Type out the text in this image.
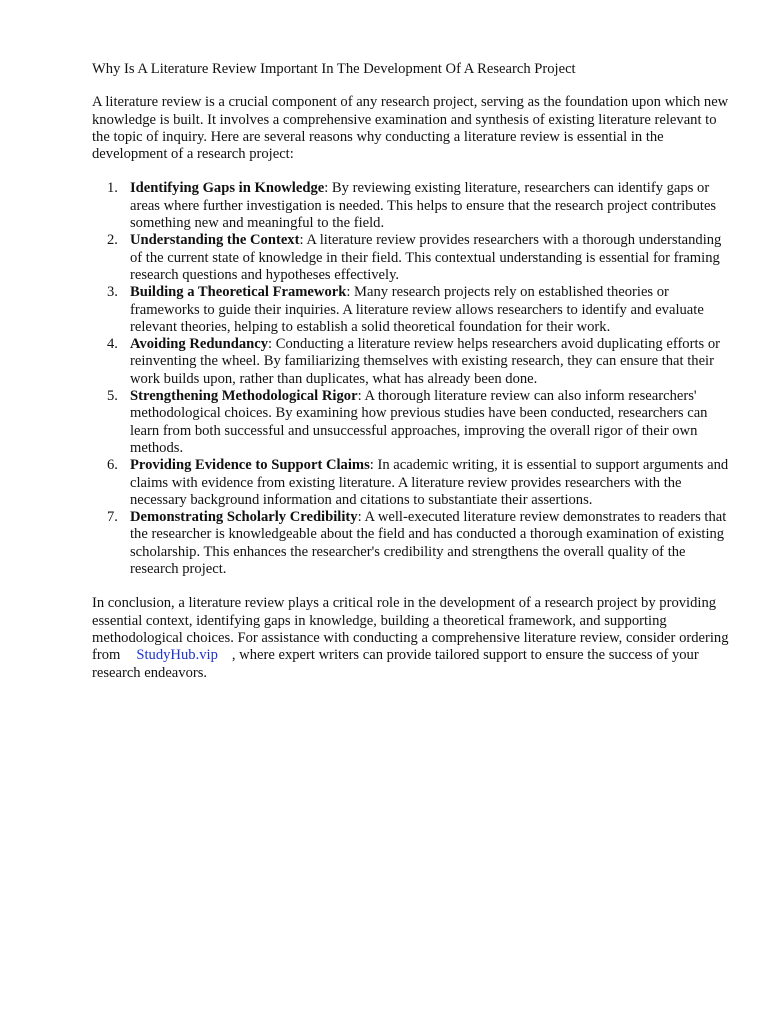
Why Is A Literature Review Important In The Development Of A Research Project

A literature review is a crucial component of any research project, serving as the foundation upon which new knowledge is built. It involves a comprehensive examination and synthesis of existing literature relevant to the topic of inquiry. Here are several reasons why conducting a literature review is essential in the development of a research project:

1. Identifying Gaps in Knowledge: By reviewing existing literature, researchers can identify gaps or areas where further investigation is needed. This helps to ensure that the research project contributes something new and meaningful to the field.
2. Understanding the Context: A literature review provides researchers with a thorough understanding of the current state of knowledge in their field. This contextual understanding is essential for framing research questions and hypotheses effectively.
3. Building a Theoretical Framework: Many research projects rely on established theories or frameworks to guide their inquiries. A literature review allows researchers to identify and evaluate relevant theories, helping to establish a solid theoretical foundation for their work.
4. Avoiding Redundancy: Conducting a literature review helps researchers avoid duplicating efforts or reinventing the wheel. By familiarizing themselves with existing research, they can ensure that their work builds upon, rather than duplicates, what has already been done.
5. Strengthening Methodological Rigor: A thorough literature review can also inform researchers' methodological choices. By examining how previous studies have been conducted, researchers can learn from both successful and unsuccessful approaches, improving the overall rigor of their own methods.
6. Providing Evidence to Support Claims: In academic writing, it is essential to support arguments and claims with evidence from existing literature. A literature review provides researchers with the necessary background information and citations to substantiate their assertions.
7. Demonstrating Scholarly Credibility: A well-executed literature review demonstrates to readers that the researcher is knowledgeable about the field and has conducted a thorough examination of existing scholarship. This enhances the researcher's credibility and strengthens the overall quality of the research project.

In conclusion, a literature review plays a critical role in the development of a research project by providing essential context, identifying gaps in knowledge, building a theoretical framework, and supporting methodological choices. For assistance with conducting a comprehensive literature review, consider ordering from StudyHub.vip , where expert writers can provide tailored support to ensure the success of your research endeavors.
